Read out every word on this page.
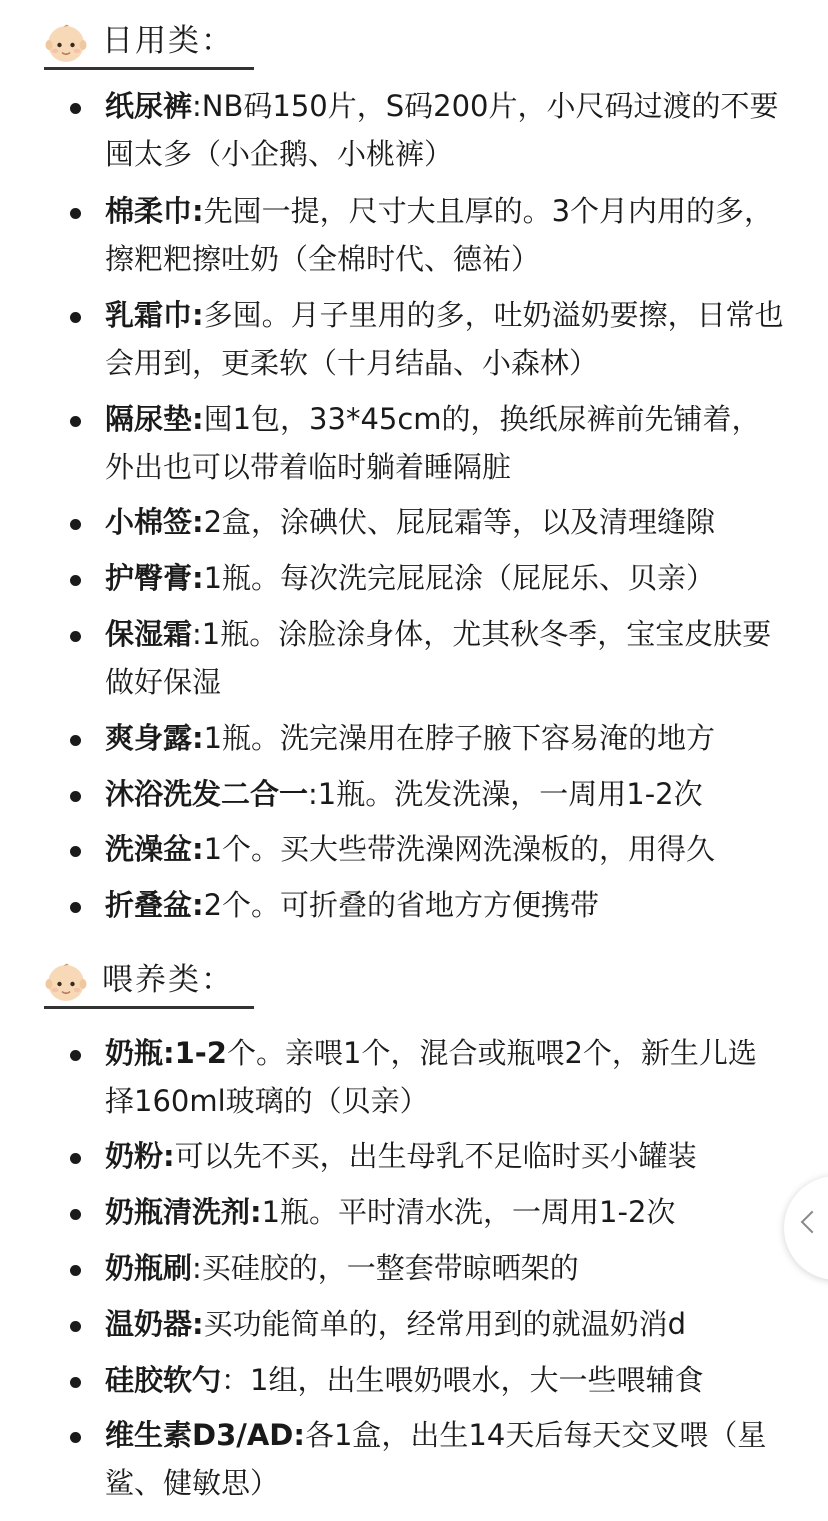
日用类：
纸尿裤:NB码150片，S码200片，小尺码过渡的不要囤太多（小企鹅、小桃裤）
棉柔巾:先囤一提，尺寸大且厚的。3个月内用的多，擦粑粑擦吐奶（全棉时代、德祐）
乳霜巾:多囤。月子里用的多，吐奶溢奶要擦，日常也会用到，更柔软（十月结晶、小森林）
隔尿垫:囤1包，33*45cm的，换纸尿裤前先铺着，外出也可以带着临时躺着睡隔脏
小棉签:2盒，涂碘伏、屁屁霜等，以及清理缝隙
护臀膏:1瓶。每次洗完屁屁涂（屁屁乐、贝亲）
保湿霜:1瓶。涂脸涂身体，尤其秋冬季，宝宝皮肤要做好保湿
爽身露:1瓶。洗完澡用在脖子腋下容易淹的地方
沐浴洗发二合一:1瓶。洗发洗澡，一周用1-2次
洗澡盆:1个。买大些带洗澡网洗澡板的，用得久
折叠盆:2个。可折叠的省地方方便携带
喂养类：
奶瓶:1-2个。亲喂1个，混合或瓶喂2个，新生儿选择160ml玻璃的（贝亲）
奶粉:可以先不买，出生母乳不足临时买小罐装
奶瓶清洗剂:1瓶。平时清水洗，一周用1-2次
奶瓶刷:买硅胶的，一整套带晾晒架的
温奶器:买功能简单的，经常用到的就温奶消d
硅胶软勺：1组，出生喂奶喂水，大一些喂辅食
维生素D3/AD:各1盒，出生14天后每天交叉喂（星鲨、健敏思）
